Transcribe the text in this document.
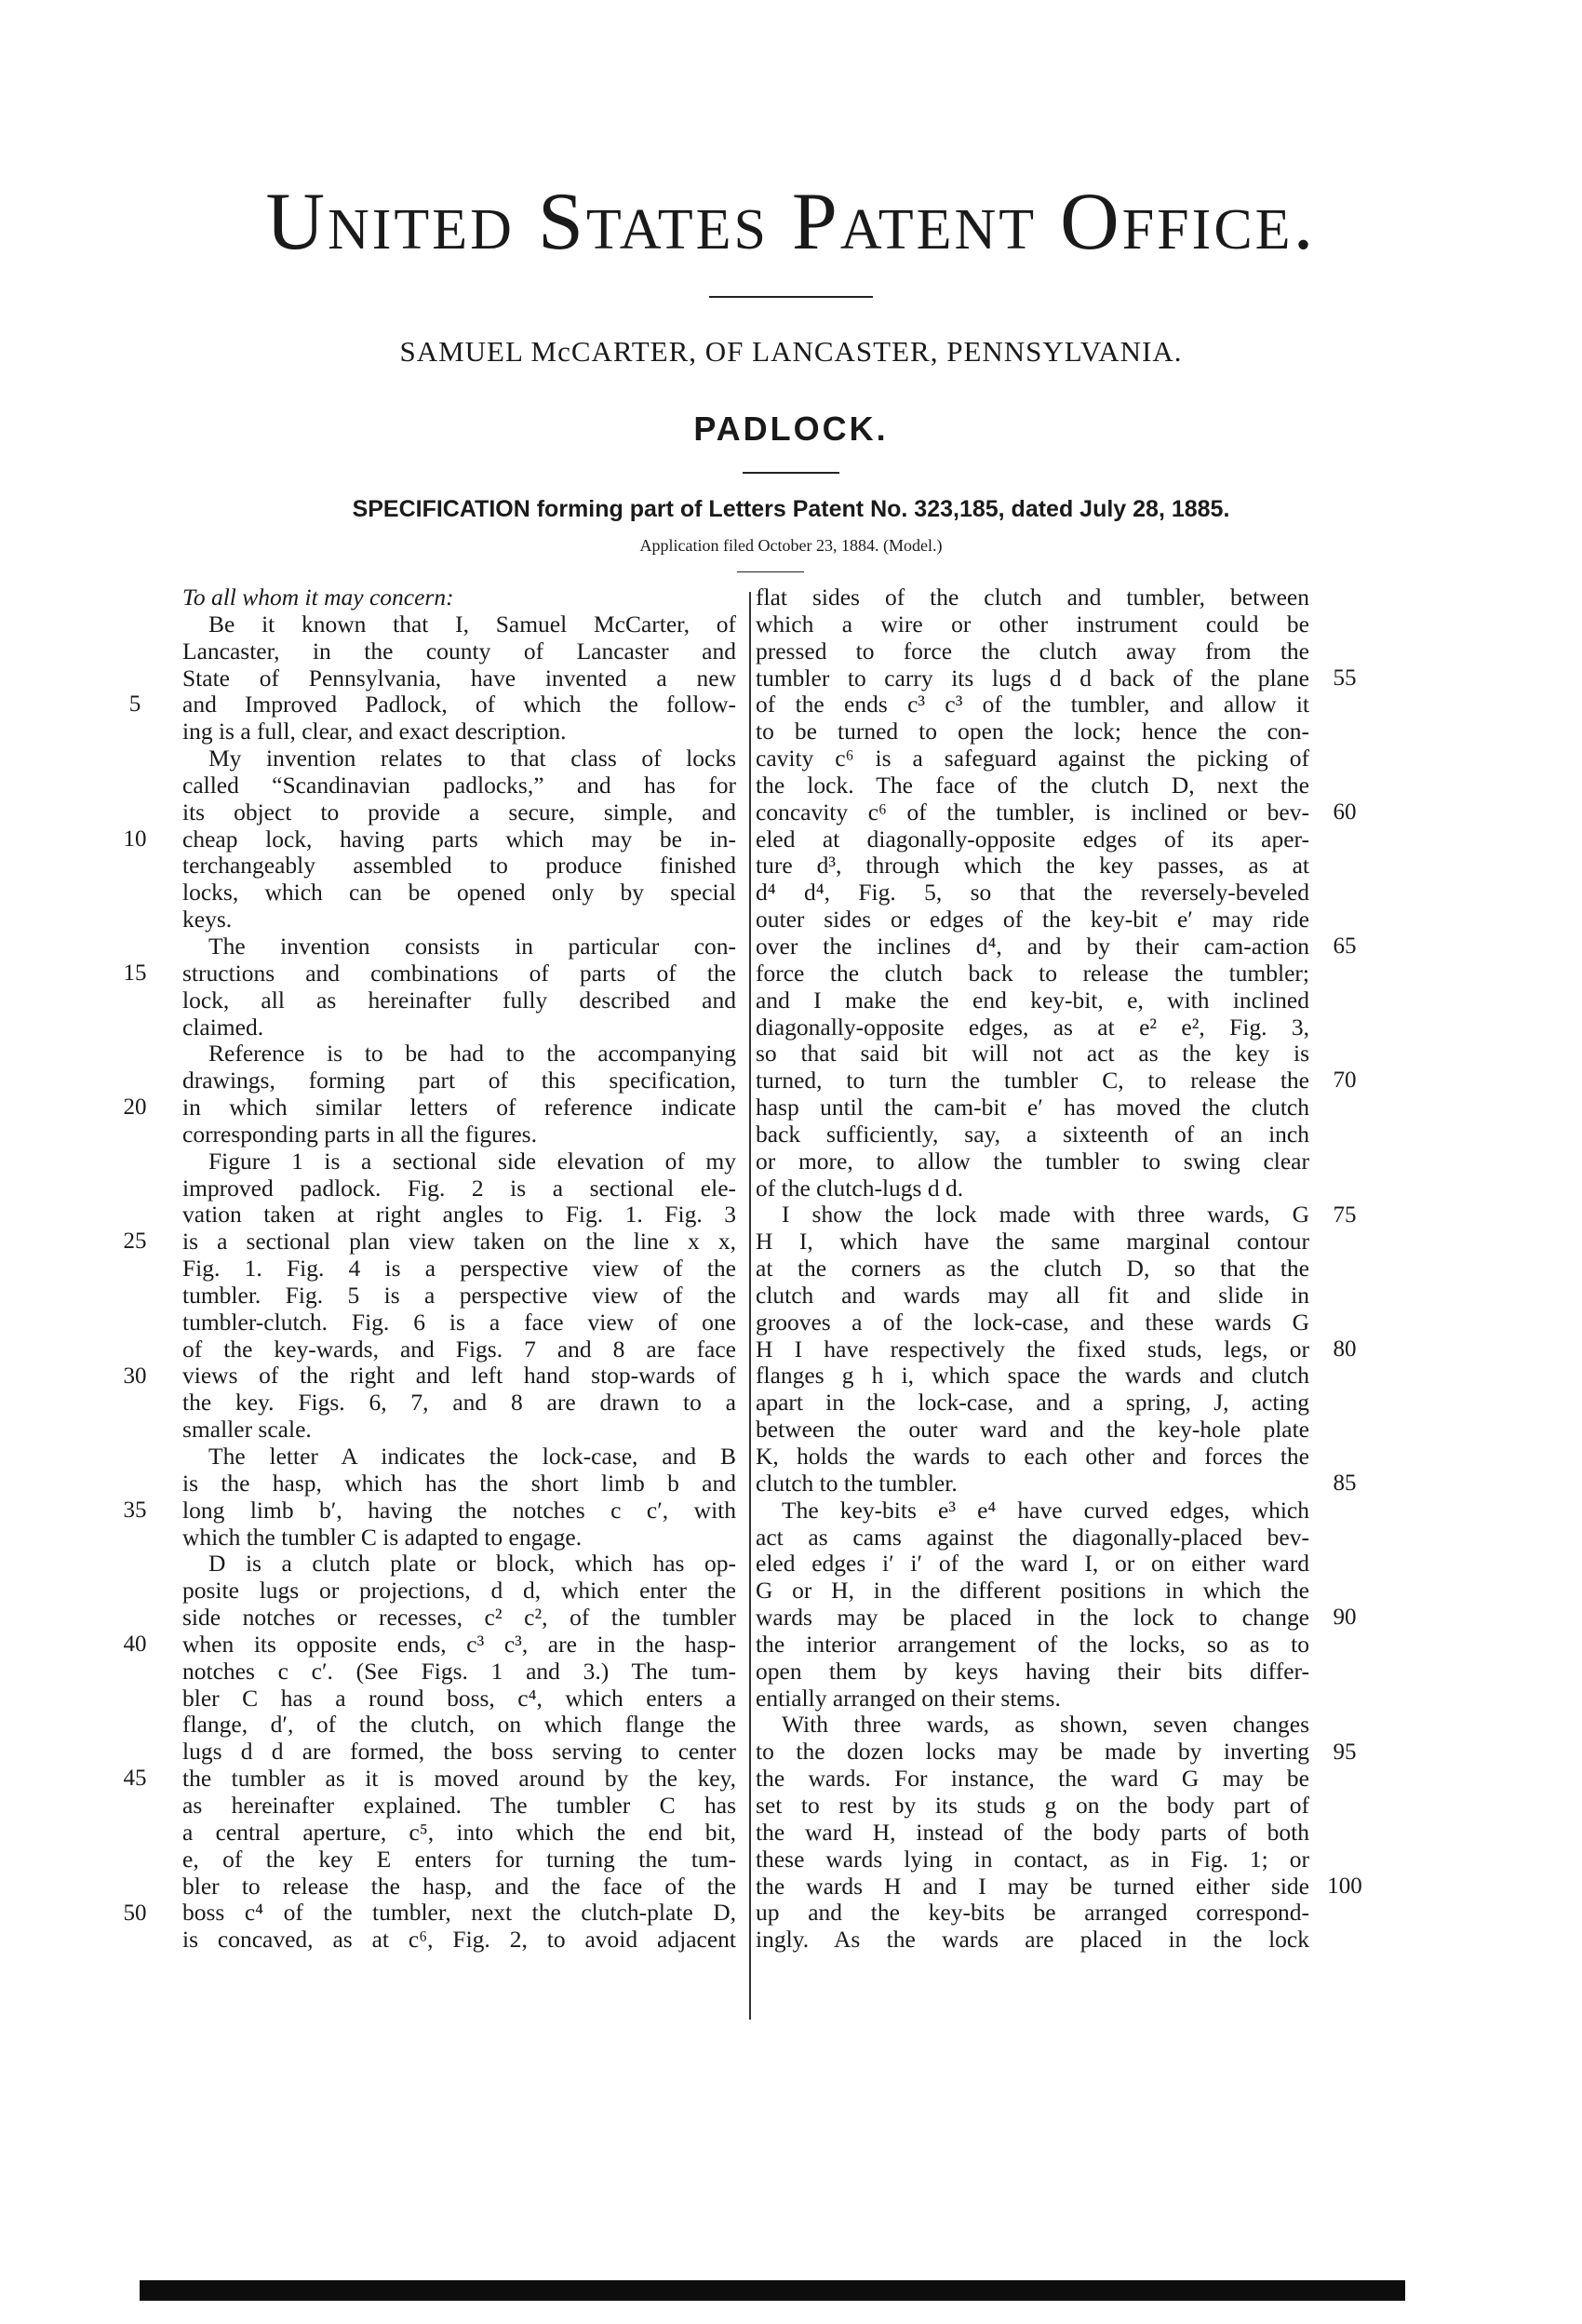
United States Patent Office.
SAMUEL McCARTER, OF LANCASTER, PENNSYLVANIA.
PADLOCK.
SPECIFICATION forming part of Letters Patent No. 323,185, dated July 28, 1885.
Application filed October 23, 1884. (Model.)
To all whom it may concern:
Be it known that I, Samuel McCarter, of
Lancaster, in the county of Lancaster and
State of Pennsylvania, have invented a new
and Improved Padlock, of which the follow-
ing is a full, clear, and exact description.
My invention relates to that class of locks
called “Scandinavian padlocks,” and has for
its object to provide a secure, simple, and
cheap lock, having parts which may be in-
terchangeably assembled to produce finished
locks, which can be opened only by special
keys.
The invention consists in particular con-
structions and combinations of parts of the
lock, all as hereinafter fully described and
claimed.
Reference is to be had to the accompanying
drawings, forming part of this specification,
in which similar letters of reference indicate
corresponding parts in all the figures.
Figure 1 is a sectional side elevation of my
improved padlock. Fig. 2 is a sectional ele-
vation taken at right angles to Fig. 1. Fig. 3
is a sectional plan view taken on the line x x,
Fig. 1. Fig. 4 is a perspective view of the
tumbler. Fig. 5 is a perspective view of the
tumbler-clutch. Fig. 6 is a face view of one
of the key-wards, and Figs. 7 and 8 are face
views of the right and left hand stop-wards of
the key. Figs. 6, 7, and 8 are drawn to a
smaller scale.
The letter A indicates the lock-case, and B
is the hasp, which has the short limb b and
long limb b′, having the notches c c′, with
which the tumbler C is adapted to engage.
D is a clutch plate or block, which has op-
posite lugs or projections, d d, which enter the
side notches or recesses, c² c², of the tumbler
when its opposite ends, c³ c³, are in the hasp-
notches c c′. (See Figs. 1 and 3.) The tum-
bler C has a round boss, c⁴, which enters a
flange, d′, of the clutch, on which flange the
lugs d d are formed, the boss serving to center
the tumbler as it is moved around by the key,
as hereinafter explained. The tumbler C has
a central aperture, c⁵, into which the end bit,
e, of the key E enters for turning the tum-
bler to release the hasp, and the face of the
boss c⁴ of the tumbler, next the clutch-plate D,
is concaved, as at c⁶, Fig. 2, to avoid adjacent
flat sides of the clutch and tumbler, between
which a wire or other instrument could be
pressed to force the clutch away from the
tumbler to carry its lugs d d back of the plane
of the ends c³ c³ of the tumbler, and allow it
to be turned to open the lock; hence the con-
cavity c⁶ is a safeguard against the picking of
the lock. The face of the clutch D, next the
concavity c⁶ of the tumbler, is inclined or bev-
eled at diagonally-opposite edges of its aper-
ture d³, through which the key passes, as at
d⁴ d⁴, Fig. 5, so that the reversely-beveled
outer sides or edges of the key-bit e′ may ride
over the inclines d⁴, and by their cam-action
force the clutch back to release the tumbler;
and I make the end key-bit, e, with inclined
diagonally-opposite edges, as at e² e², Fig. 3,
so that said bit will not act as the key is
turned, to turn the tumbler C, to release the
hasp until the cam-bit e′ has moved the clutch
back sufficiently, say, a sixteenth of an inch
or more, to allow the tumbler to swing clear
of the clutch-lugs d d.
I show the lock made with three wards, G
H I, which have the same marginal contour
at the corners as the clutch D, so that the
clutch and wards may all fit and slide in
grooves a of the lock-case, and these wards G
H I have respectively the fixed studs, legs, or
flanges g h i, which space the wards and clutch
apart in the lock-case, and a spring, J, acting
between the outer ward and the key-hole plate
K, holds the wards to each other and forces the
clutch to the tumbler.
The key-bits e³ e⁴ have curved edges, which
act as cams against the diagonally-placed bev-
eled edges i′ i′ of the ward I, or on either ward
G or H, in the different positions in which the
wards may be placed in the lock to change
the interior arrangement of the locks, so as to
open them by keys having their bits differ-
entially arranged on their stems.
With three wards, as shown, seven changes
to the dozen locks may be made by inverting
the wards. For instance, the ward G may be
set to rest by its studs g on the body part of
the ward H, instead of the body parts of both
these wards lying in contact, as in Fig. 1; or
the wards H and I may be turned either side
up and the key-bits be arranged correspond-
ingly. As the wards are placed in the lock
5
10
15
20
25
30
35
40
45
50
55
60
65
70
75
80
85
90
95
100
